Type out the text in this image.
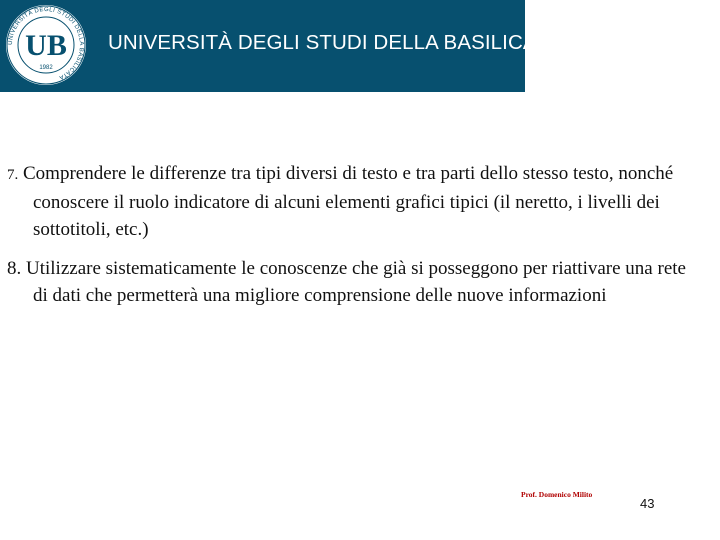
UNIVERSITÀ DEGLI STUDI DELLA BASILICATA
UB
1982
UNIVERSITÀ DEGLI STUDI DELLA BASILICATA
7. Comprendere le differenze tra tipi diversi di testo e tra parti dello stesso testo, nonché conoscere il ruolo indicatore di alcuni elementi grafici tipici (il neretto, i livelli dei sottotitoli, etc.)
8. Utilizzare sistematicamente le conoscenze che già si posseggono per riattivare una rete di dati che permetterà una migliore comprensione delle nuove informazioni
Prof. Domenico Milito
43
